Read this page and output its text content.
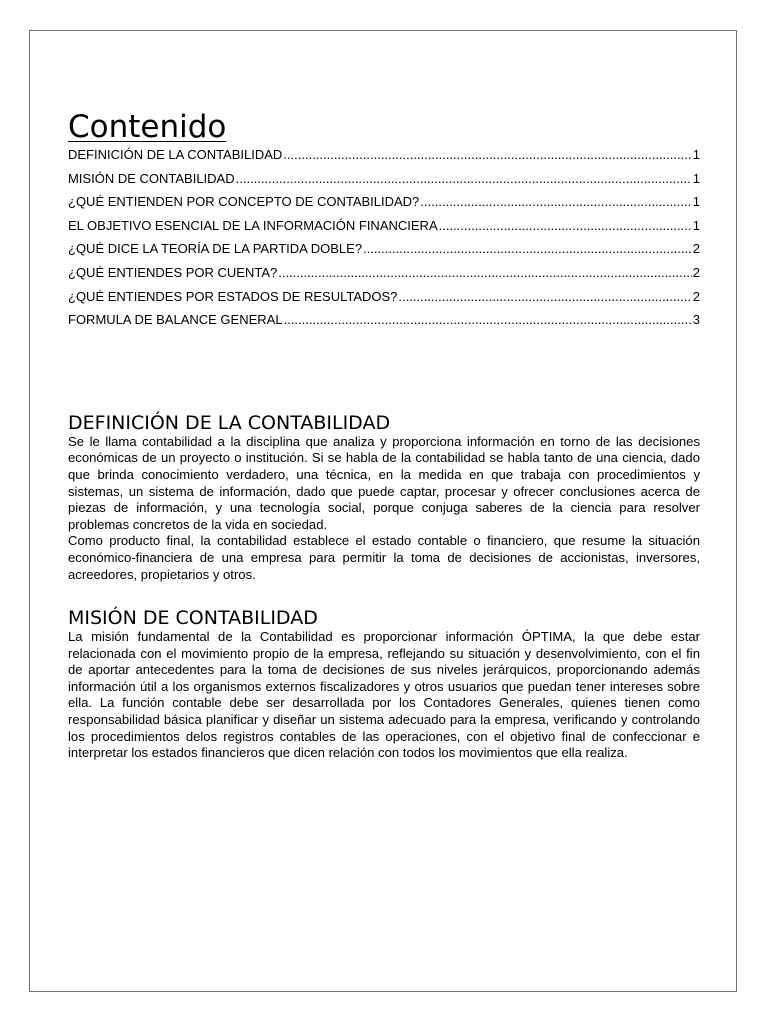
Contenido
DEFINICIÓN DE LA CONTABILIDAD .....	1
MISIÓN DE CONTABILIDAD .....	1
¿QUÉ ENTIENDEN POR CONCEPTO DE CONTABILIDAD? .....	1
EL OBJETIVO ESENCIAL DE LA INFORMACIÓN FINANCIERA .....	1
¿QUÉ DICE LA TEORÍA DE LA PARTIDA DOBLE? .....	2
¿QUÉ ENTIENDES POR CUENTA? .....	2
¿QUÉ ENTIENDES POR ESTADOS DE RESULTADOS? .....	2
FORMULA DE BALANCE GENERAL .....	3
DEFINICIÓN DE LA CONTABILIDAD

Se le llama contabilidad a la disciplina que analiza y proporciona información en torno de las decisiones económicas de un proyecto o institución. Si se habla de la contabilidad se habla tanto de una ciencia, dado que brinda conocimiento verdadero, una técnica, en la medida en que trabaja con procedimientos y sistemas, un sistema de información, dado que puede captar, procesar y ofrecer conclusiones acerca de piezas de información, y una tecnología social, porque conjuga saberes de la ciencia para resolver problemas concretos de la vida en sociedad.

Como producto final, la contabilidad establece el estado contable o financiero, que resume la situación económico-financiera de una empresa para permitir la toma de decisiones de accionistas, inversores, acreedores, propietarios y otros.

MISIÓN DE CONTABILIDAD

La misión fundamental de la Contabilidad es proporcionar información ÓPTIMA, la que debe estar relacionada con el movimiento propio de la empresa, reflejando su situación y desenvolvimiento, con el fin de aportar antecedentes para la toma de decisiones de sus niveles jerárquicos, proporcionando además información útil a los organismos externos fiscalizadores y otros usuarios que puedan tener intereses sobre ella. La función contable debe ser desarrollada por los Contadores Generales, quienes tienen como responsabilidad básica planificar y diseñar un sistema adecuado para la empresa, verificando y controlando los procedimientos delos registros contables de las operaciones, con el objetivo final de confeccionar e interpretar los estados financieros que dicen relación con todos los movimientos que ella realiza.
